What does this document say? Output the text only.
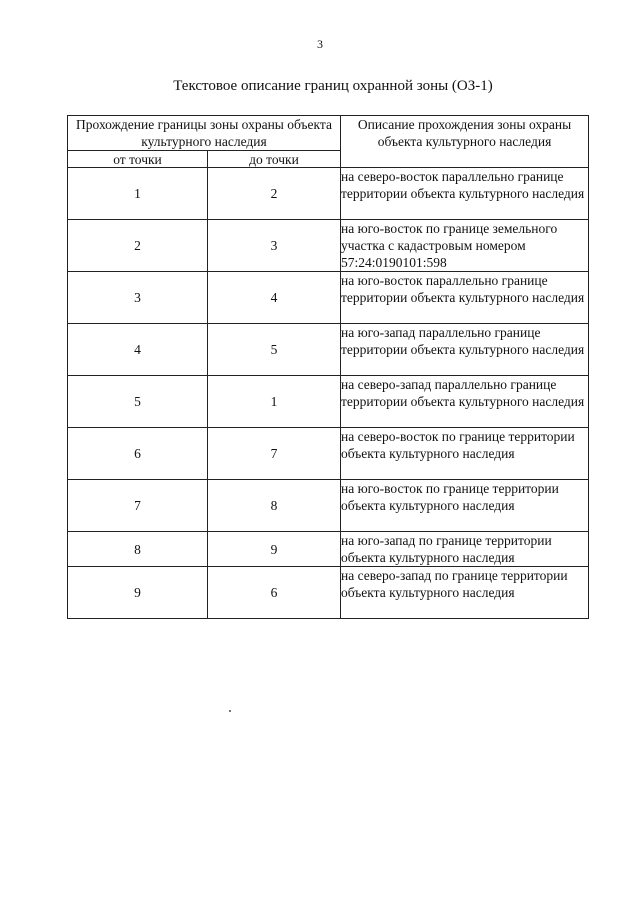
3
Текстовое описание границ охранной зоны (ОЗ-1)
Прохождение границы зоны охраны объекта культурного наследия		Описание прохождения зоны охраны объекта культурного наследия
от точки	до точки	
1	2	на северо-восток параллельно границе территории объекта культурного наследия
2	3	на юго-восток по границе земельного участка с кадастровым номером 57:24:0190101:598
3	4	на юго-восток параллельно границе территории объекта культурного наследия
4	5	на юго-запад параллельно границе территории объекта культурного наследия
5	1	на северо-запад параллельно границе территории объекта культурного наследия
6	7	на северо-восток по границе территории объекта культурного наследия
7	8	на юго-восток по границе территории объекта культурного наследия
8	9	на юго-запад по границе территории объекта культурного наследия
9	6	на северо-запад по границе территории объекта культурного наследия
